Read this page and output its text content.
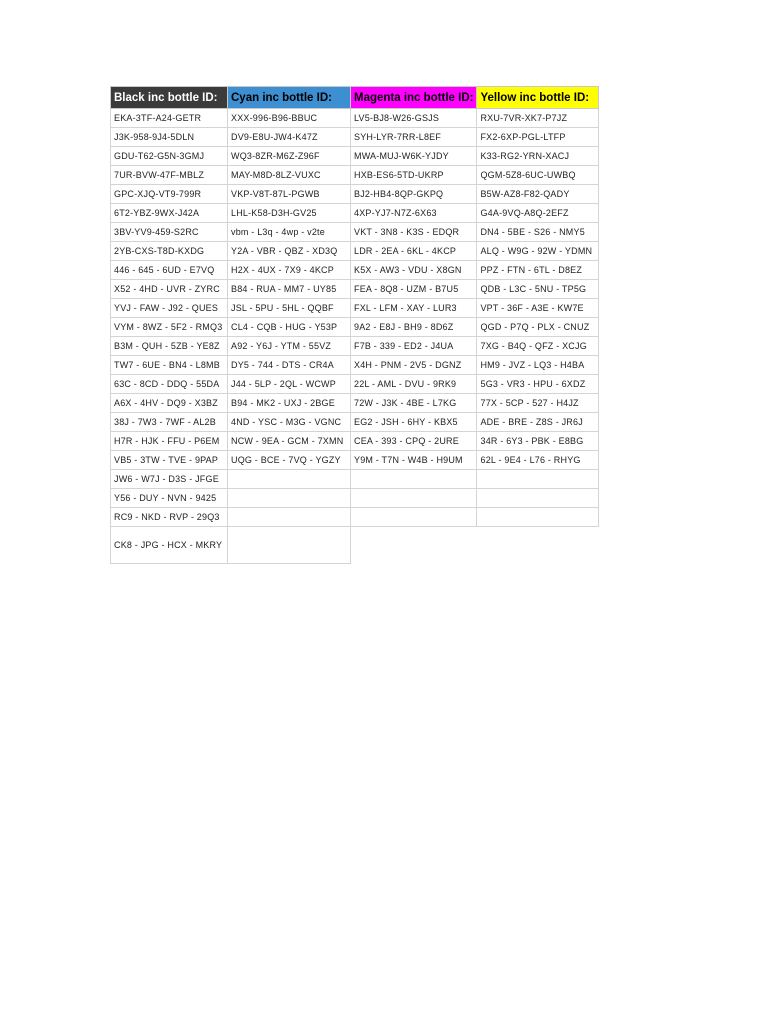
Black inc bottle ID:	Cyan inc bottle ID:	Magenta inc bottle ID:	Yellow inc bottle ID:
EKA-3TF-A24-GETR	XXX-996-B96-BBUC	LV5-BJ8-W26-GSJS	RXU-7VR-XK7-P7JZ
J3K-958-9J4-5DLN	DV9-E8U-JW4-K47Z	SYH-LYR-7RR-L8EF	FX2-6XP-PGL-LTFP
GDU-T62-G5N-3GMJ	WQ3-8ZR-M6Z-Z96F	MWA-MUJ-W6K-YJDY	K33-RG2-YRN-XACJ
7UR-BVW-47F-MBLZ	MAY-M8D-8LZ-VUXC	HXB-ES6-5TD-UKRP	QGM-5Z8-6UC-UWBQ
GPC-XJQ-VT9-799R	VKP-V8T-87L-PGWB	BJ2-HB4-8QP-GKPQ	B5W-AZ8-F82-QADY
6T2-YBZ-9WX-J42A	LHL-K58-D3H-GV25	4XP-YJ7-N7Z-6X63	G4A-9VQ-A8Q-2EFZ
3BV-YV9-459-S2RC	vbm - L3q - 4wp - v2te	VKT - 3N8 - K3S - EDQR	DN4 - 5BE - S26 - NMY5
2YB-CXS-T8D-KXDG	Y2A - VBR - QBZ - XD3Q	LDR - 2EA - 6KL - 4KCP	ALQ - W9G - 92W - YDMN
446 - 645 - 6UD - E7VQ	H2X - 4UX - 7X9 - 4KCP	K5X - AW3 - VDU - X8GN	PPZ - FTN - 6TL - D8EZ
X52 - 4HD - UVR - ZYRC	B84 - RUA - MM7 - UY85	FEA - 8Q8 - UZM - B7U5	QDB - L3C - 5NU - TP5G
YVJ - FAW - J92 - QUES	JSL - 5PU - 5HL - QQBF	FXL - LFM - XAY - LUR3	VPT - 36F - A3E - KW7E
VYM - 8WZ - 5F2 - RMQ3	CL4 - CQB - HUG - Y53P	9A2 - E8J - BH9 - 8D6Z	QGD - P7Q - PLX - CNUZ
B3M - QUH - 5ZB - YE8Z	A92 - Y6J - YTM - 55VZ	F7B - 339 - ED2 - J4UA	7XG - B4Q - QFZ - XCJG
TW7 - 6UE - BN4 - L8MB	DY5 - 744 - DTS - CR4A	X4H - PNM - 2V5 - DGNZ	HM9 - JVZ - LQ3 - H4BA
63C - 8CD - DDQ - 55DA	J44 - 5LP - 2QL - WCWP	22L - AML - DVU - 9RK9	5G3 - VR3 - HPU - 6XDZ
A6X - 4HV - DQ9 - X3BZ	B94 - MK2 - UXJ - 2BGE	72W - J3K - 4BE - L7KG	77X - 5CP - 527 - H4JZ
38J - 7W3 - 7WF - AL2B	4ND - YSC - M3G - VGNC	EG2 - JSH - 6HY - KBX5	ADE - BRE - Z8S - JR6J
H7R - HJK - FFU - P6EM	NCW - 9EA - GCM - 7XMN	CEA - 393 - CPQ - 2URE	34R - 6Y3 - PBK - E8BG
VB5 - 3TW - TVE - 9PAP	UQG - BCE - 7VQ - YGZY	Y9M - T7N - W4B - H9UM	62L - 9E4 - L76 - RHYG
JW6 - W7J - D3S - JFGE			
Y56 - DUY - NVN - 9425			
RC9 - NKD - RVP - 29Q3			
CK8 - JPG - HCX - MKRY			
